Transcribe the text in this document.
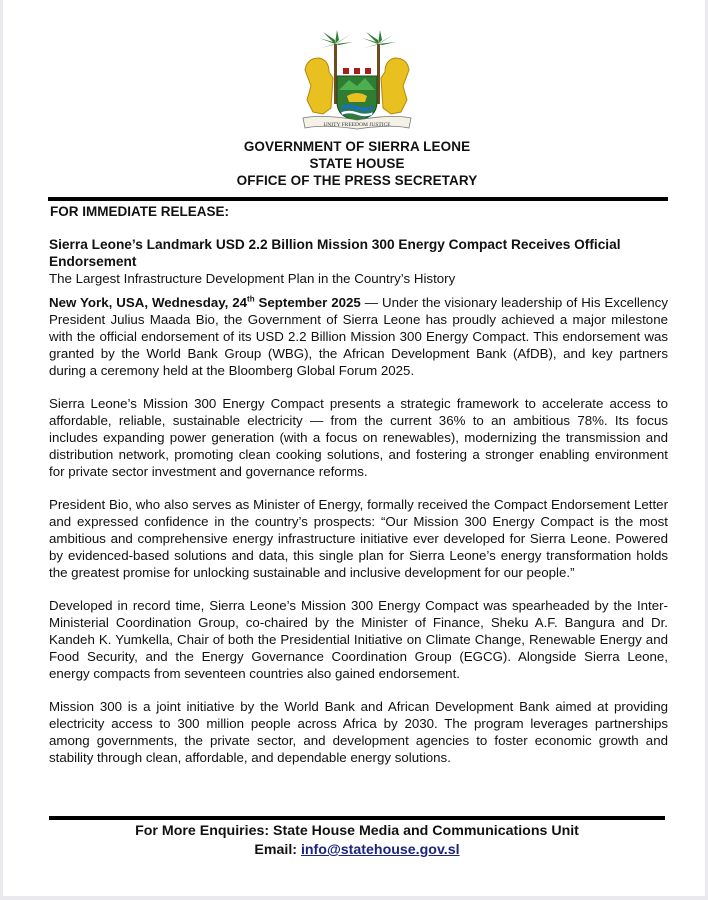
UNITY FREEDOM JUSTICE
GOVERNMENT OF SIERRA LEONE
STATE HOUSE
OFFICE OF THE PRESS SECRETARY
FOR IMMEDIATE RELEASE:

Sierra Leone’s Landmark USD 2.2 Billion Mission 300 Energy Compact Receives Official Endorsement

The Largest Infrastructure Development Plan in the Country’s History

New York, USA, Wednesday, 24th September 2025 — Under the visionary leadership of His Excellency President Julius Maada Bio, the Government of Sierra Leone has proudly achieved a major milestone with the official endorsement of its USD 2.2 Billion Mission 300 Energy Compact. This endorsement was granted by the World Bank Group (WBG), the African Development Bank (AfDB), and key partners during a ceremony held at the Bloomberg Global Forum 2025.

Sierra Leone’s Mission 300 Energy Compact presents a strategic framework to accelerate access to affordable, reliable, sustainable electricity — from the current 36% to an ambitious 78%. Its focus includes expanding power generation (with a focus on renewables), modernizing the transmission and distribution network, promoting clean cooking solutions, and fostering a stronger enabling environment for private sector investment and governance reforms.

President Bio, who also serves as Minister of Energy, formally received the Compact Endorsement Letter and expressed confidence in the country’s prospects: “Our Mission 300 Energy Compact is the most ambitious and comprehensive energy infrastructure initiative ever developed for Sierra Leone. Powered by evidenced-based solutions and data, this single plan for Sierra Leone’s energy transformation holds the greatest promise for unlocking sustainable and inclusive development for our people.”

Developed in record time, Sierra Leone’s Mission 300 Energy Compact was spearheaded by the Inter-Ministerial Coordination Group, co-chaired by the Minister of Finance, Sheku A.F. Bangura and Dr. Kandeh K. Yumkella, Chair of both the Presidential Initiative on Climate Change, Renewable Energy and Food Security, and the Energy Governance Coordination Group (EGCG). Alongside Sierra Leone, energy compacts from seventeen countries also gained endorsement.

Mission 300 is a joint initiative by the World Bank and African Development Bank aimed at providing electricity access to 300 million people across Africa by 2030. The program leverages partnerships among governments, the private sector, and development agencies to foster economic growth and stability through clean, affordable, and dependable energy solutions.

For More Enquiries: State House Media and Communications Unit
Email: info@statehouse.gov.sl
